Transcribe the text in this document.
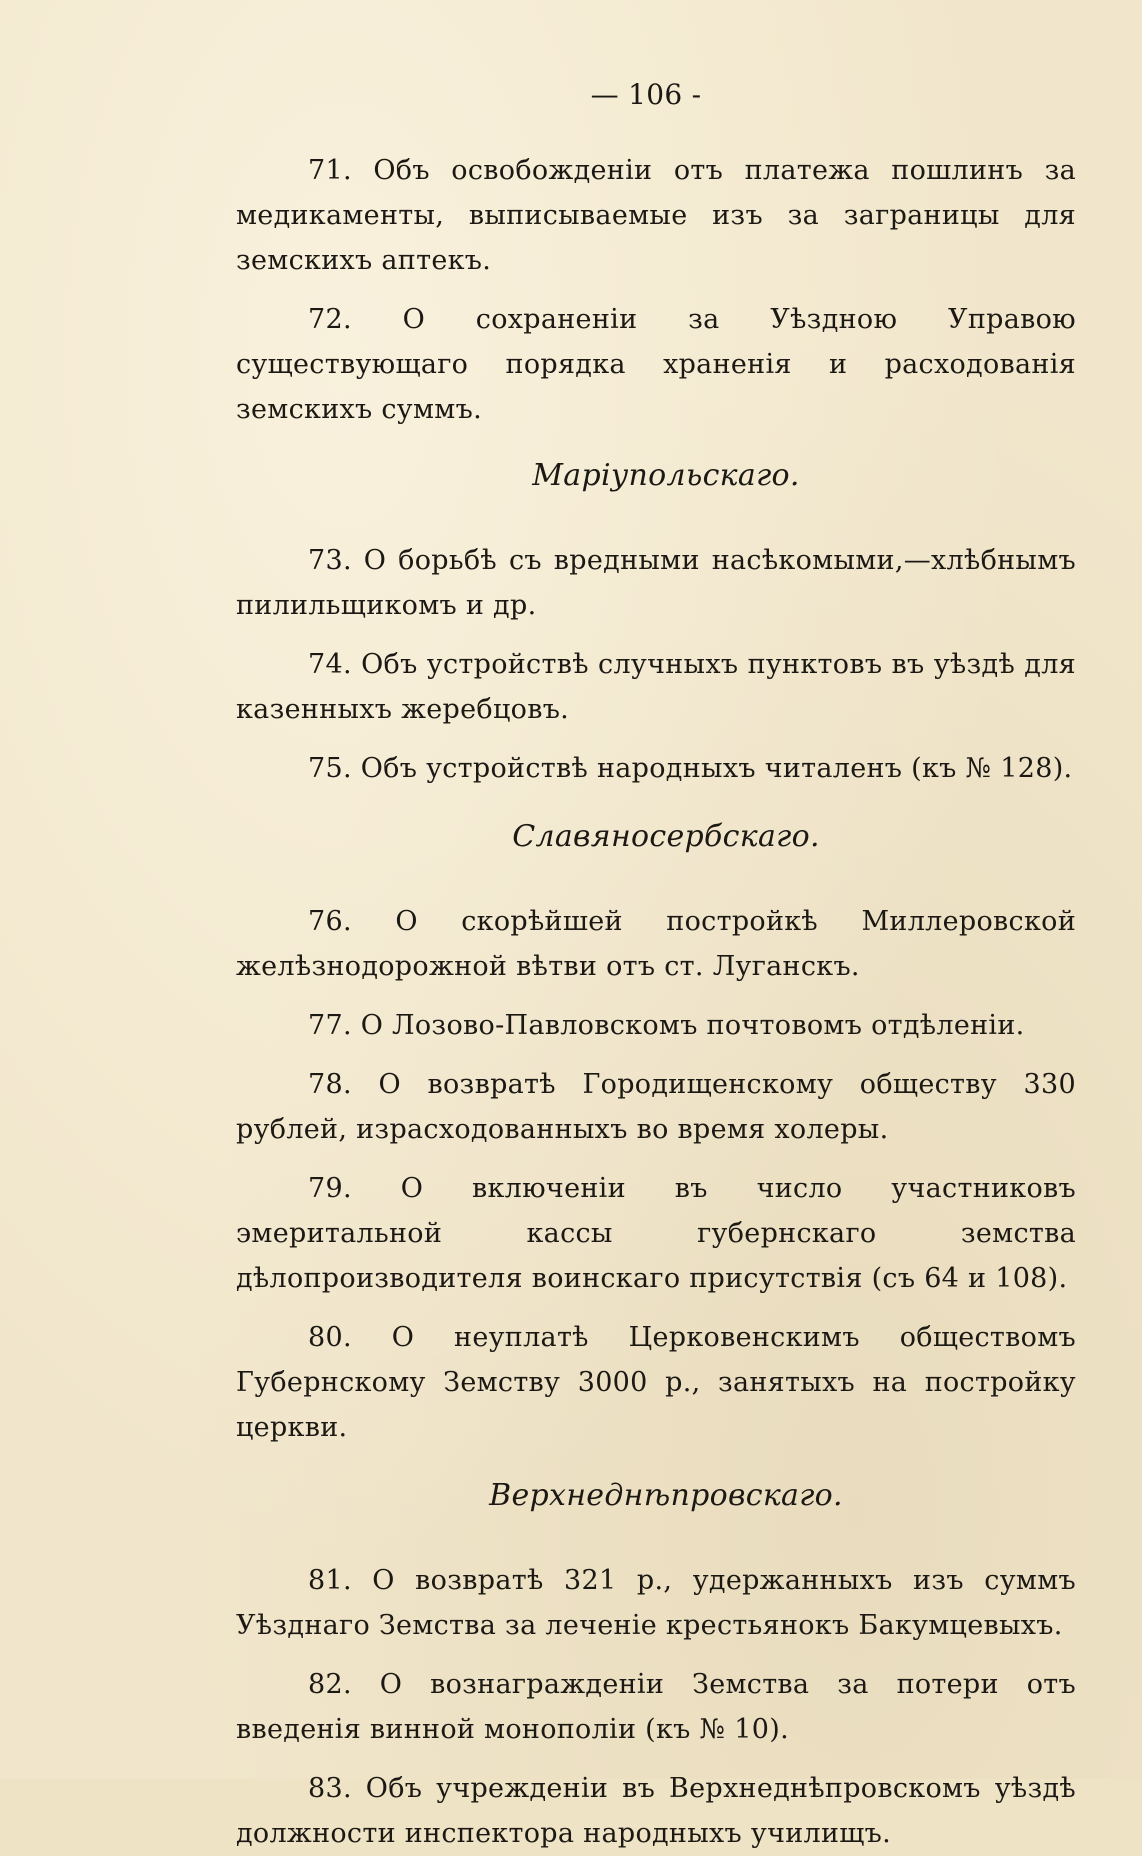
— 106 -

71. Объ освобожденіи отъ платежа пошлинъ за медикаменты, выписываемые изъ за заграницы для земскихъ аптекъ.

72. О сохраненіи за Уѣздною Управою существующаго порядка храненія и расходованія земскихъ суммъ.

Маріупольскаго.

73. О борьбѣ съ вредными насѣкомыми,—хлѣбнымъ пилильщикомъ и др.

74. Объ устройствѣ случныхъ пунктовъ въ уѣздѣ для казенныхъ жеребцовъ.

75. Объ устройствѣ народныхъ читаленъ (къ № 128).

Славяносербскаго.

76. О скорѣйшей постройкѣ Миллеровской желѣзнодорожной вѣтви отъ ст. Луганскъ.

77. О Лозово-Павловскомъ почтовомъ отдѣленіи.

78. О возвратѣ Городищенскому обществу 330 рублей, израсходованныхъ во время холеры.

79. О включеніи въ число участниковъ эмеритальной кассы губернскаго земства дѣлопроизводителя воинскаго присутствія (съ 64 и 108).

80. О неуплатѣ Церковенскимъ обществомъ Губернскому Земству 3000 р., занятыхъ на постройку церкви.

Верхнеднѣпровскаго.

81. О возвратѣ 321 р., удержанныхъ изъ суммъ Уѣзднаго Земства за леченіе крестьянокъ Бакумцевыхъ.

82. О вознагражденіи Земства за потери отъ введенія винной монополіи (къ № 10).

83. Объ учрежденіи въ Верхнеднѣпровскомъ уѣздѣ должности инспектора народныхъ училищъ.
